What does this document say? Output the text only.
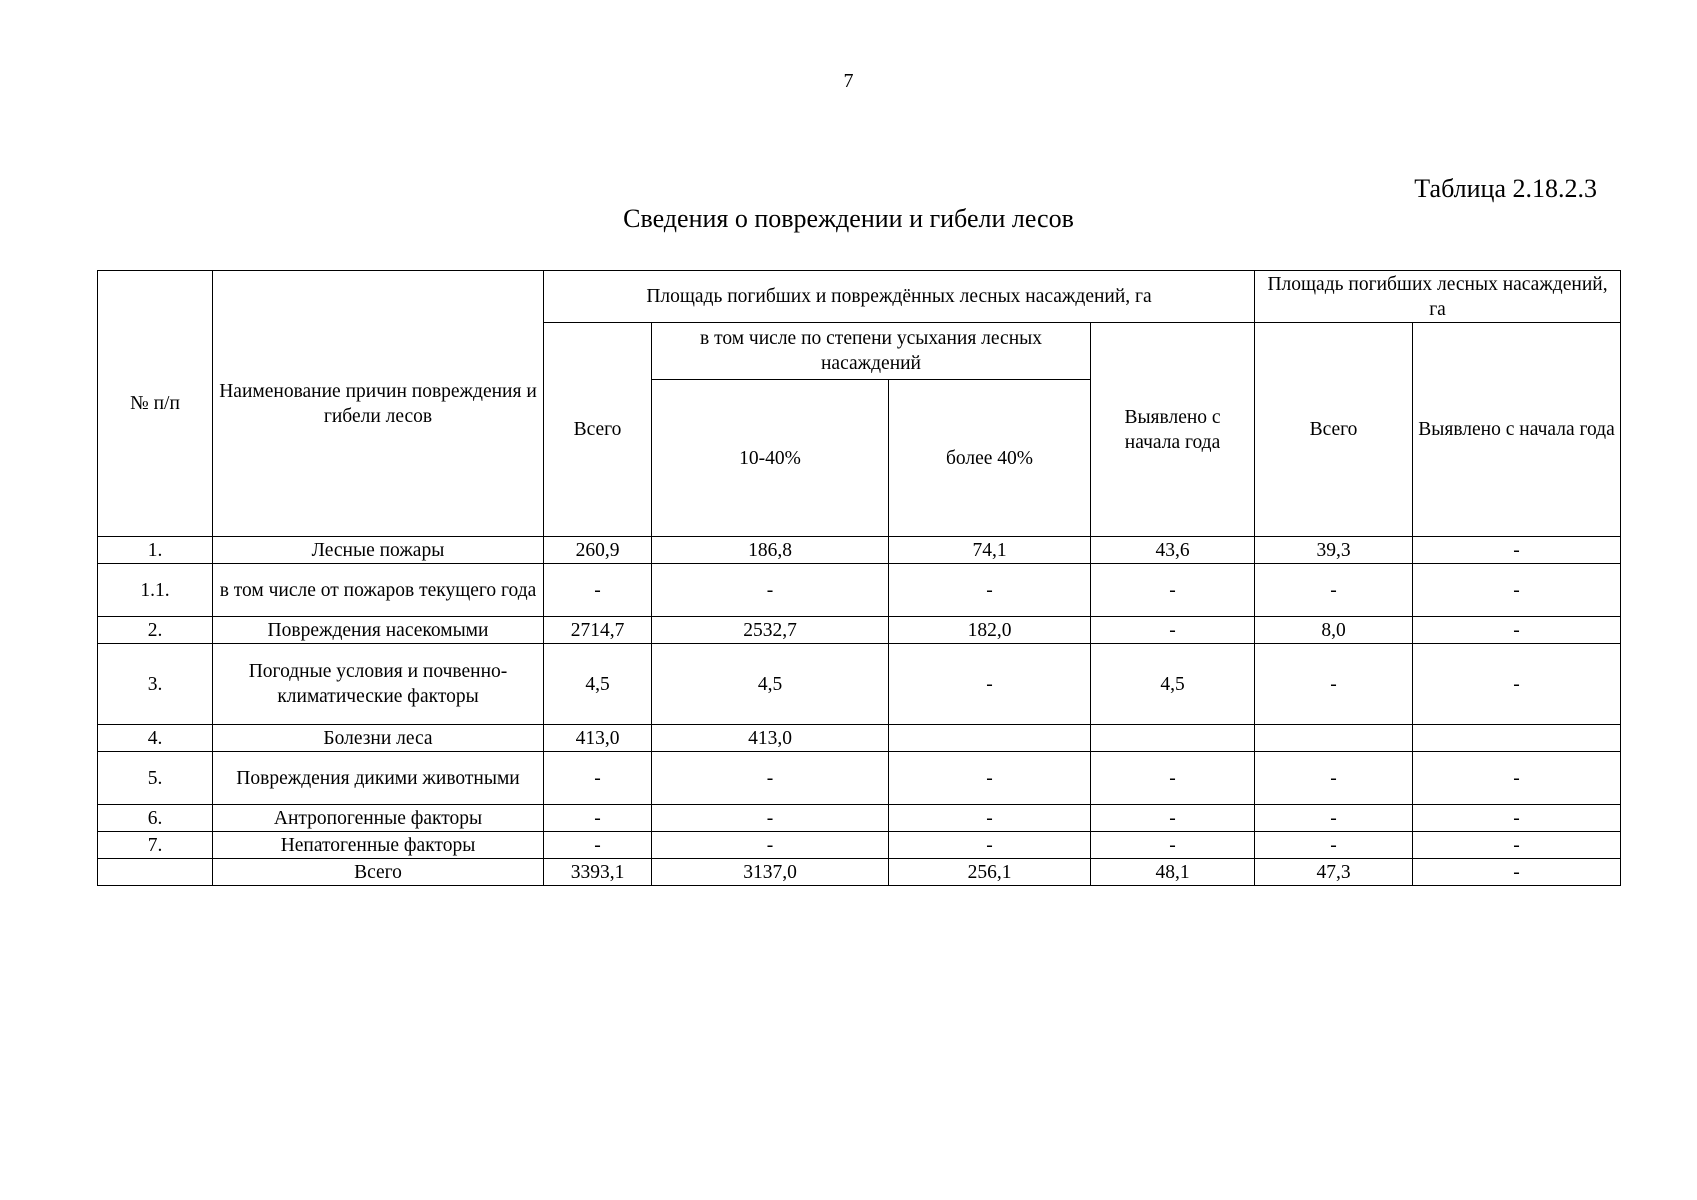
7
Таблица 2.18.2.3
Сведения о повреждении и гибели лесов
№ п/п	Наименование причин повреждения и гибели лесов	Площадь погибших и повреждённых лесных насаждений, га				Площадь погибших лесных насаждений, га	
		Всего	в том числе по степени усыхания лесных насаждений		Выявлено с начала года	Всего	Выявлено с начала года
			10-40%	более 40%			
1.	Лесные пожары	260,9	186,8	74,1	43,6	39,3	-
1.1.	в том числе от пожаров текущего года	-	-	-	-	-	-
2.	Повреждения насекомыми	2714,7	2532,7	182,0	-	8,0	-
3.	Погодные условия и почвенно-климатические факторы	4,5	4,5	-	4,5	-	-
4.	Болезни леса	413,0	413,0				
5.	Повреждения дикими животными	-	-	-	-	-	-
6.	Антропогенные факторы	-	-	-	-	-	-
7.	Непатогенные факторы	-	-	-	-	-	-
	Всего	3393,1	3137,0	256,1	48,1	47,3	-
